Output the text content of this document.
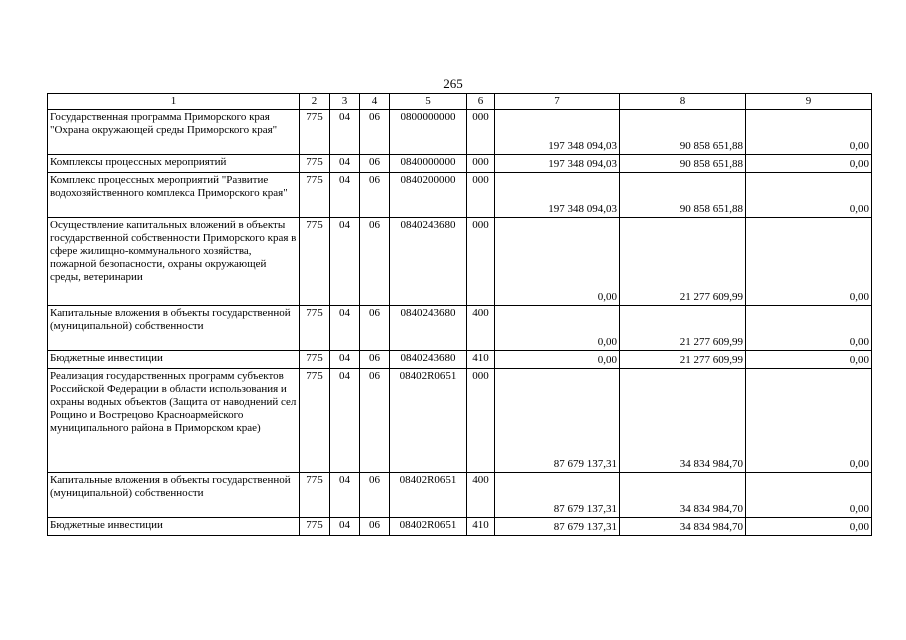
265
1	2	3	4	5	6	7	8	9
Государственная программа Приморского края "Охрана окружающей среды Приморского края"	775	04	06	0800000000	000	197 348 094,03	90 858 651,88	0,00
Комплексы процессных мероприятий	775	04	06	0840000000	000	197 348 094,03	90 858 651,88	0,00
Комплекс процессных мероприятий "Развитие водохозяйственного комплекса Приморского края"	775	04	06	0840200000	000	197 348 094,03	90 858 651,88	0,00
Осуществление капитальных вложений в объекты государственной собственности Приморского края в сфере жилищно-коммунального хозяйства, пожарной безопасности, охраны окружающей среды, ветеринарии	775	04	06	0840243680	000	0,00	21 277 609,99	0,00
Капитальные вложения в объекты государственной (муниципальной) собственности	775	04	06	0840243680	400	0,00	21 277 609,99	0,00
Бюджетные инвестиции	775	04	06	0840243680	410	0,00	21 277 609,99	0,00
Реализация государственных программ субъектов Российской Федерации в области использования и охраны водных объектов (Защита от наводнений сел Рощино и Вострецово Красноармейского муниципального района в Приморском крае)	775	04	06	08402R0651	000	87 679 137,31	34 834 984,70	0,00
Капитальные вложения в объекты государственной (муниципальной) собственности	775	04	06	08402R0651	400	87 679 137,31	34 834 984,70	0,00
Бюджетные инвестиции	775	04	06	08402R0651	410	87 679 137,31	34 834 984,70	0,00
